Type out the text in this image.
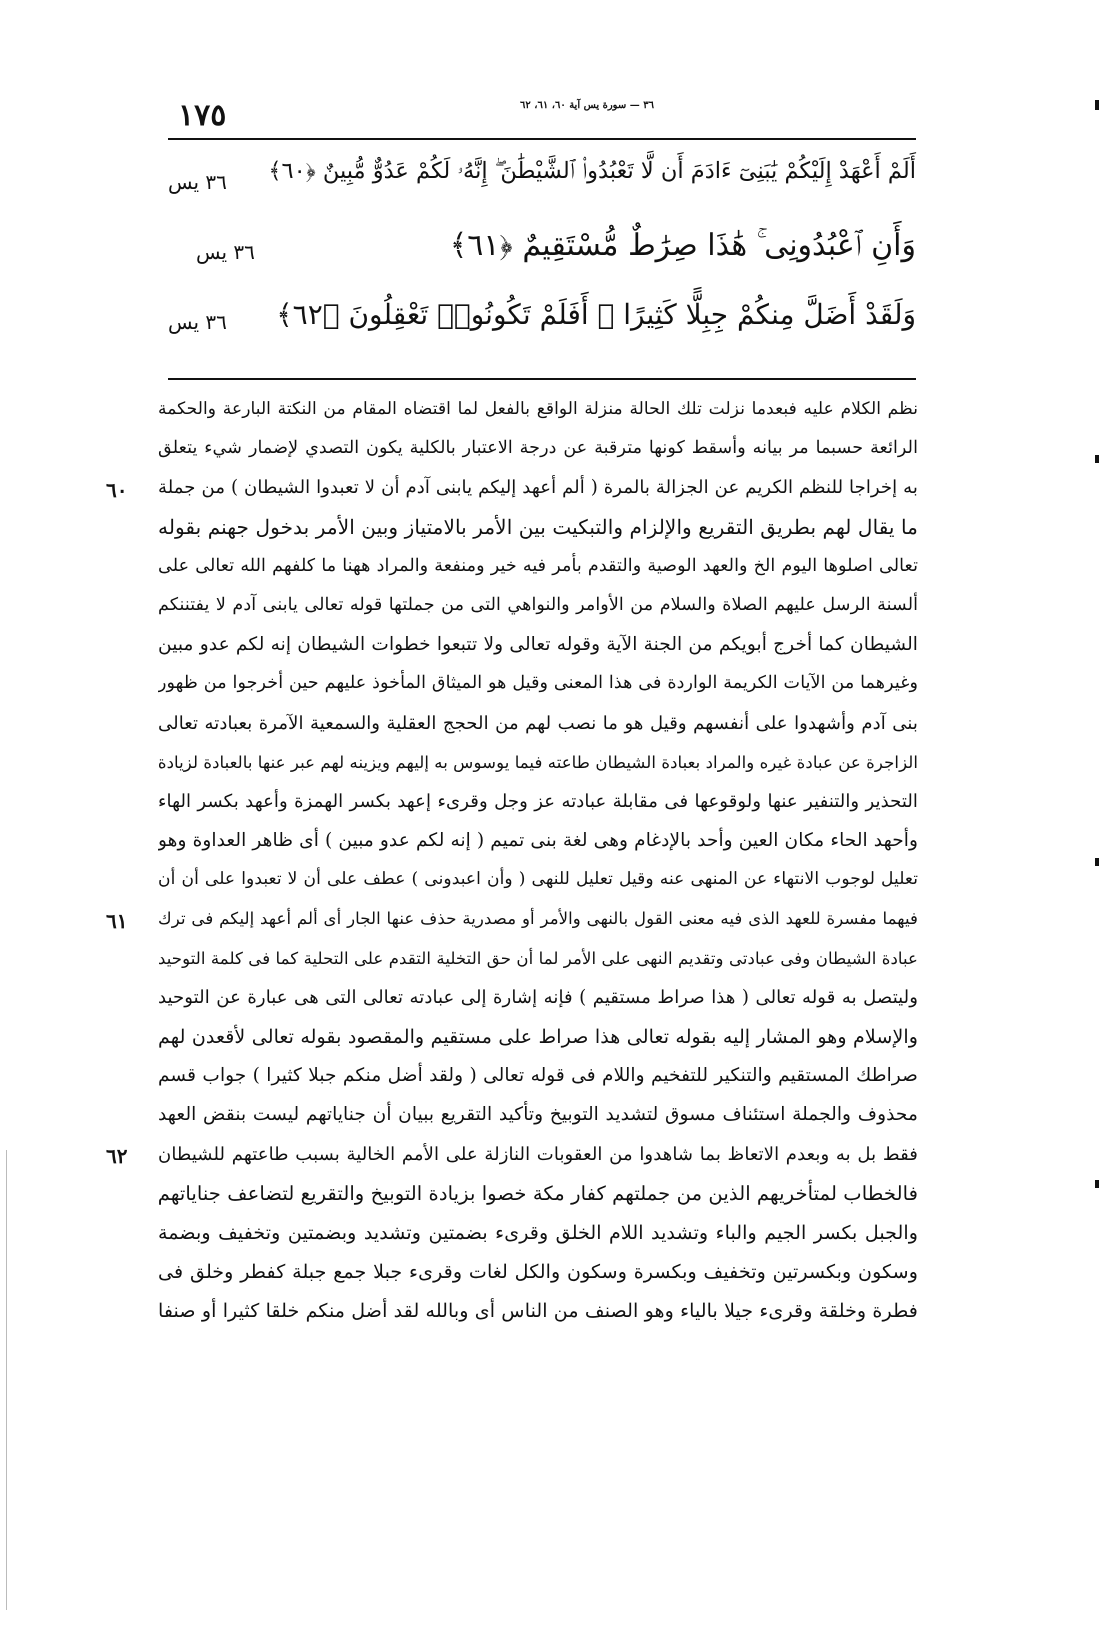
١٧٥	٣٦ — سورة يس آية ٦٠، ٦١، ٦٢
أَلَمْ أَعْهَدْ إِلَيْكُمْ يَٰبَنِىٓ ءَادَمَ أَن لَّا تَعْبُدُوا۟ ٱلشَّيْطَٰنَ ۖ إِنَّهُۥ لَكُمْ عَدُوٌّ مُّبِينٌ ﴿٦٠﴾
٣٦ يس
وَأَنِ ٱعْبُدُونِى ۚ هَٰذَا صِرَٰطٌ مُّسْتَقِيمٌ ﴿٦١﴾
٣٦ يس
وَلَقَدْ أَضَلَّ مِنكُمْ جِبِلًّا كَثِيرًا ۖ أَفَلَمْ تَكُونُوا۟ تَعْقِلُونَ ﴿٦٢﴾
٣٦ يس
نظم الكلام عليه فبعدما نزلت تلك الحالة منزلة الواقع بالفعل لما اقتضاه المقام من النكتة البارعة والحكمة
الرائعة حسبما مر بيانه وأسقط كونها مترقبة عن درجة الاعتبار بالكلية يكون التصدي لإضمار شيء يتعلق
به إخراجا للنظم الكريم عن الجزالة بالمرة ( ألم أعهد إليكم يابنى آدم أن لا تعبدوا الشيطان ) من جملة
ما يقال لهم بطريق التقريع والإلزام والتبكيت بين الأمر بالامتياز وبين الأمر بدخول جهنم بقوله
تعالى اصلوها اليوم الخ والعهد الوصية والتقدم بأمر فيه خير ومنفعة والمراد ههنا ما كلفهم الله تعالى على
ألسنة الرسل عليهم الصلاة والسلام من الأوامر والنواهي التى من جملتها قوله تعالى يابنى آدم لا يفتننكم
الشيطان كما أخرج أبويكم من الجنة الآية وقوله تعالى ولا تتبعوا خطوات الشيطان إنه لكم عدو مبين
وغيرهما من الآيات الكريمة الواردة فى هذا المعنى وقيل هو الميثاق المأخوذ عليهم حين أخرجوا من ظهور
بنى آدم وأشهدوا على أنفسهم وقيل هو ما نصب لهم من الحجج العقلية والسمعية الآمرة بعبادته تعالى
الزاجرة عن عبادة غيره والمراد بعبادة الشيطان طاعته فيما يوسوس به إليهم ويزينه لهم عبر عنها بالعبادة لزيادة
التحذير والتنفير عنها ولوقوعها فى مقابلة عبادته عز وجل وقرىء إعهد بكسر الهمزة وأعهد بكسر الهاء
وأحهد الحاء مكان العين وأحد بالإدغام وهى لغة بنى تميم ( إنه لكم عدو مبين ) أى ظاهر العداوة وهو
تعليل لوجوب الانتهاء عن المنهى عنه وقيل تعليل للنهى ( وأن اعبدونى ) عطف على أن لا تعبدوا على أن أن
فيهما مفسرة للعهد الذى فيه معنى القول بالنهى والأمر أو مصدرية حذف عنها الجار أى ألم أعهد إليكم فى ترك
عبادة الشيطان وفى عبادتى وتقديم النهى على الأمر لما أن حق التخلية التقدم على التحلية كما فى كلمة التوحيد
وليتصل به قوله تعالى ( هذا صراط مستقيم ) فإنه إشارة إلى عبادته تعالى التى هى عبارة عن التوحيد
والإسلام وهو المشار إليه بقوله تعالى هذا صراط على مستقيم والمقصود بقوله تعالى لأقعدن لهم
صراطك المستقيم والتنكير للتفخيم واللام فى قوله تعالى ( ولقد أضل منكم جبلا كثيرا ) جواب قسم
محذوف والجملة استئناف مسوق لتشديد التوبيخ وتأكيد التقريع ببيان أن جناياتهم ليست بنقض العهد
فقط بل به وبعدم الاتعاظ بما شاهدوا من العقوبات النازلة على الأمم الخالية بسبب طاعتهم للشيطان
فالخطاب لمتأخريهم الذين من جملتهم كفار مكة خصوا بزيادة التوبيخ والتقريع لتضاعف جناياتهم
والجبل بكسر الجيم والباء وتشديد اللام الخلق وقرىء بضمتين وتشديد وبضمتين وتخفيف وبضمة
وسكون وبكسرتين وتخفيف وبكسرة وسكون والكل لغات وقرىء جبلا جمع جبلة كفطر وخلق فى
فطرة وخلقة وقرىء جيلا بالياء وهو الصنف من الناس أى وبالله لقد أضل منكم خلقا كثيرا أو صنفا
٦٠
٦١
٦٢
